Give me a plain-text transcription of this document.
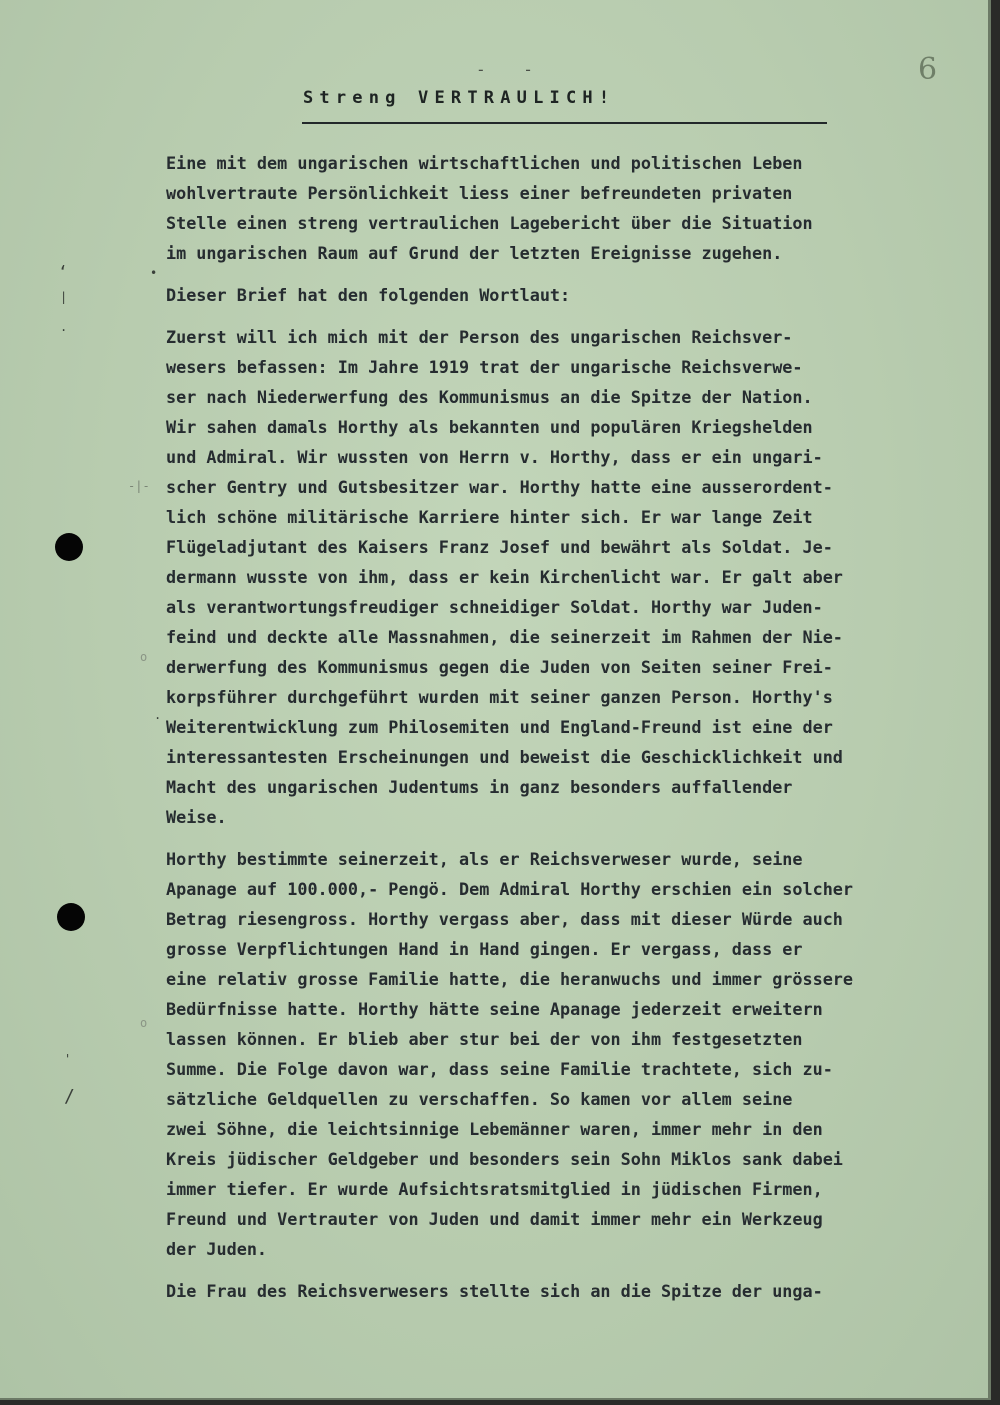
6
- -
Streng VERTRAULICH!
Eine mit dem ungarischen wirtschaftlichen und politischen Leben
wohlvertraute Persönlichkeit liess einer befreundeten privaten
Stelle einen streng vertraulichen Lagebericht über die Situation
im ungarischen Raum auf Grund der letzten Ereignisse zugehen.
Dieser Brief hat den folgenden Wortlaut:
Zuerst will ich mich mit der Person des ungarischen Reichsver-
wesers befassen: Im Jahre 1919 trat der ungarische Reichsverwe-
ser nach Niederwerfung des Kommunismus an die Spitze der Nation.
Wir sahen damals Horthy als bekannten und populären Kriegshelden
und Admiral. Wir wussten von Herrn v. Horthy, dass er ein ungari-
scher Gentry und Gutsbesitzer war. Horthy hatte eine ausserordent-
lich schöne militärische Karriere hinter sich. Er war lange Zeit
Flügeladjutant des Kaisers Franz Josef und bewährt als Soldat. Je-
dermann wusste von ihm, dass er kein Kirchenlicht war. Er galt aber
als verantwortungsfreudiger schneidiger Soldat. Horthy war Juden-
feind und deckte alle Massnahmen, die seinerzeit im Rahmen der Nie-
derwerfung des Kommunismus gegen die Juden von Seiten seiner Frei-
korpsführer durchgeführt wurden mit seiner ganzen Person. Horthy's
Weiterentwicklung zum Philosemiten und England-Freund ist eine der
interessantesten Erscheinungen und beweist die Geschicklichkeit und
Macht des ungarischen Judentums in ganz besonders auffallender
Weise.
Horthy bestimmte seinerzeit, als er Reichsverweser wurde, seine
Apanage auf 100.000,- Pengö. Dem Admiral Horthy erschien ein solcher
Betrag riesengross. Horthy vergass aber, dass mit dieser Würde auch
grosse Verpflichtungen Hand in Hand gingen. Er vergass, dass er
eine relativ grosse Familie hatte, die heranwuchs und immer grössere
Bedürfnisse hatte. Horthy hätte seine Apanage jederzeit erweitern
lassen können. Er blieb aber stur bei der von ihm festgesetzten
Summe. Die Folge davon war, dass seine Familie trachtete, sich zu-
sätzliche Geldquellen zu verschaffen. So kamen vor allem seine
zwei Söhne, die leichtsinnige Lebemänner waren, immer mehr in den
Kreis jüdischer Geldgeber und besonders sein Sohn Miklos sank dabei
immer tiefer. Er wurde Aufsichtsratsmitglied in jüdischen Firmen,
Freund und Vertrauter von Juden und damit immer mehr ein Werkzeug
der Juden.
Die Frau des Reichsverwesers stellte sich an die Spitze der unga-
‘
|
.
•
-|-
o
.
o
'
/
